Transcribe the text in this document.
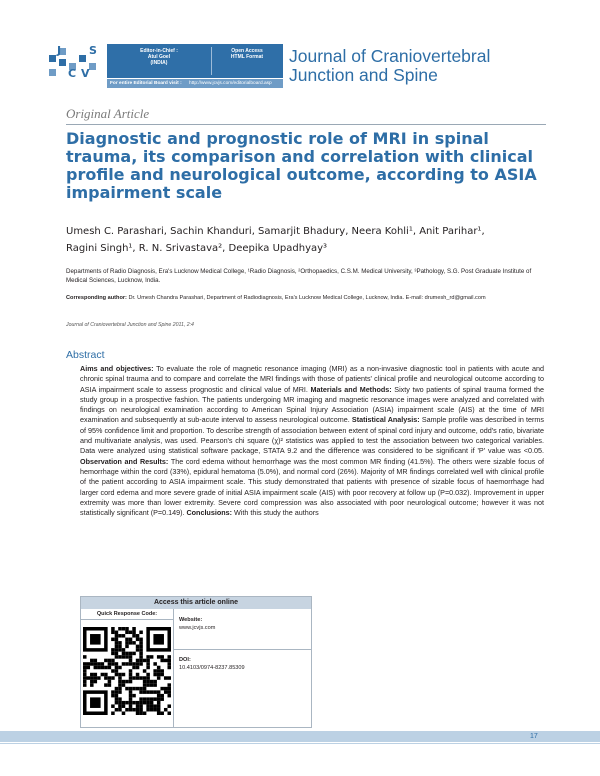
J
C V
S	Editor-in-Chief :
Atul Goel
(INDIA)
Open Access
HTML Format
For entire Editorial Board visit : http://www.jcvjs.com/editorialboard.asp
Journal of Craniovertebral
Junction and Spine
Original Article
Diagnostic and prognostic role of MRI in spinal trauma, its comparison and correlation with clinical profile and neurological outcome, according to ASIA impairment scale
Umesh C. Parashari, Sachin Khanduri, Samarjit Bhadury, Neera Kohli¹, Anit Parihar¹,
Ragini Singh¹, R. N. Srivastava², Deepika Upadhyay³
Departments of Radio Diagnosis, Era's Lucknow Medical College, ¹Radio Diagnosis, ²Orthopaedics, C.S.M. Medical University, ³Pathology, S.G. Post Graduate Institute of Medical Sciences, Lucknow, India.
Corresponding author: Dr. Umesh Chandra Parashari, Department of Radiodiagnosis, Era's Lucknow Medical College, Lucknow, India. E-mail: drumesh_rd@gmail.com
Journal of Craniovertebral Junction and Spine 2011, 2:4
Abstract
Aims and objectives: To evaluate the role of magnetic resonance imaging (MRI) as a non-invasive diagnostic tool in patients with acute and chronic spinal trauma and to compare and correlate the MRI findings with those of patients' clinical profile and neurological outcome according to ASIA impairment scale to assess prognostic and clinical value of MRI. Materials and Methods: Sixty two patients of spinal trauma formed the study group in a prospective fashion. The patients undergoing MR imaging and magnetic resonance images were analyzed and correlated with findings on neurological examination according to American Spinal Injury Association (ASIA) impairment scale (AIS) at the time of MRI examination and subsequently at sub-acute interval to assess neurological outcome. Statistical Analysis: Sample profile was described in terms of 95% confidence limit and proportion. To describe strength of association between extent of spinal cord injury and outcome, odd's ratio, bivariate and multivariate analysis, was used. Pearson's chi square (χ)² statistics was applied to test the association between two categorical variables. Data were analyzed using statistical software package, STATA 9.2 and the difference was considered to be significant if 'P' value was <0.05. Observation and Results: The cord edema without hemorrhage was the most common MR finding (41.5%). The others were sizable focus of hemorrhage within the cord (33%), epidural hematoma (5.0%), and normal cord (26%). Majority of MR findings correlated well with clinical profile of the patient according to ASIA impairment scale. This study demonstrated that patients with presence of sizable focus of haemorrhage had larger cord edema and more severe grade of initial ASIA impairment scale (AIS) with poor recovery at follow up (P=0.032). Improvement in upper extremity was more than lower extremity. Severe cord compression was also associated with poor neurological outcome; however it was not statistically significant (P=0.149). Conclusions: With this study the authors
Access this article online
Quick Response Code:
Website:
www.jcvjs.com
DOI:
10.4103/0974-8237.85309
17
